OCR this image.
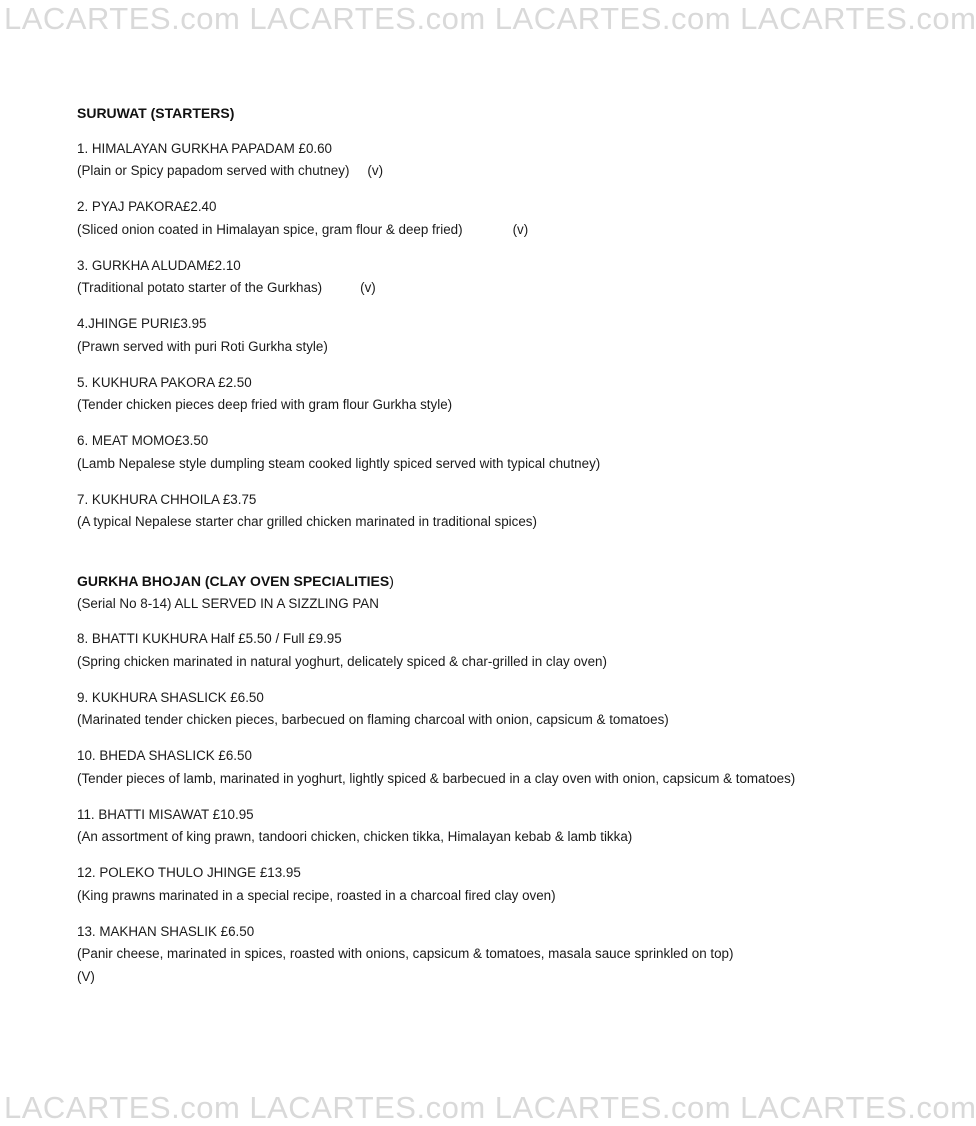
LACARTES.com LACARTES.com LACARTES.com LACARTES.com

SURUWAT (STARTERS)

1. HIMALAYAN GURKHA PAPADAM £0.60

(Plain or Spicy papadom served with chutney) (v)

2. PYAJ PAKORA£2.40

(Sliced onion coated in Himalayan spice, gram flour & deep fried)	(v)

3. GURKHA ALUDAM£2.10

(Traditional potato starter of the Gurkhas)	(v)

4.JHINGE PURI£3.95

(Prawn served with puri Roti Gurkha style)

5. KUKHURA PAKORA £2.50

(Tender chicken pieces deep fried with gram flour Gurkha style)

6. MEAT MOMO£3.50

(Lamb Nepalese style dumpling steam cooked lightly spiced served with typical chutney)

7. KUKHURA CHHOILA £3.75

(A typical Nepalese starter char grilled chicken marinated in traditional spices)

GURKHA BHOJAN (CLAY OVEN SPECIALITIES)

(Serial No 8-14) ALL SERVED IN A SIZZLING PAN

8. BHATTI KUKHURA Half £5.50 / Full £9.95

(Spring chicken marinated in natural yoghurt, delicately spiced & char-grilled in clay oven)

9. KUKHURA SHASLICK £6.50

(Marinated tender chicken pieces, barbecued on flaming charcoal with onion, capsicum & tomatoes)

10. BHEDA SHASLICK £6.50

(Tender pieces of lamb, marinated in yoghurt, lightly spiced & barbecued in a clay oven with onion, capsicum & tomatoes)

11. BHATTI MISAWAT £10.95

(An assortment of king prawn, tandoori chicken, chicken tikka, Himalayan kebab & lamb tikka)

12. POLEKO THULO JHINGE £13.95

(King prawns marinated in a special recipe, roasted in a charcoal fired clay oven)

13. MAKHAN SHASLIK £6.50

(Panir cheese, marinated in spices, roasted with onions, capsicum & tomatoes, masala sauce sprinkled on top)

(V)

LACARTES.com LACARTES.com LACARTES.com LACARTES.com
